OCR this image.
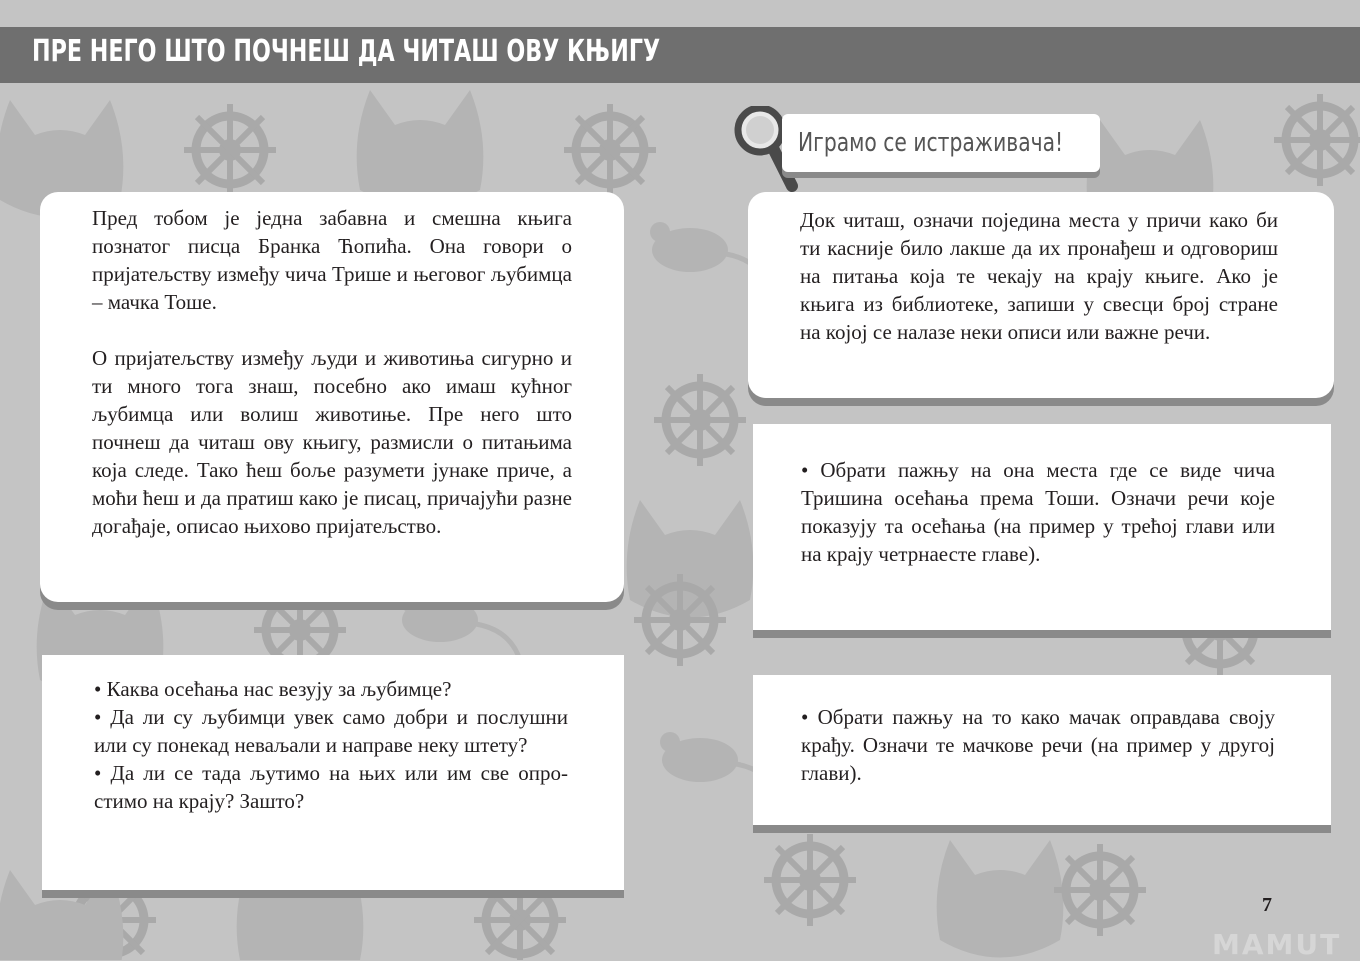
ПРЕ НЕГО ШТО ПОЧНЕШ ДА ЧИТАШ ОВУ КЊИГУ

Пред тобом је једна забавна и смешна књига познатог писца Бранка Ћопића. Она говори о пријатељству између чича Трише и његовог љубимца – мачка Тоше.

О пријатељству између људи и животиња сигурно и ти много тога знаш, посебно ако имаш кућног љубимца или волиш животиње. Пре него што почнеш да читаш ову књигу, размисли о питањима која следе. Тако ћеш боље разумети јунаке приче, а моћи ћеш и да пратиш како је писац, причајући разне догађаје, описао њихово пријатељство.

• Каква осећања нас везују за љубимце?

• Да ли су љубимци увек само добри и послушни или су понекад неваљали и направе неку штету?

• Да ли се тада љутимо на њих или им све опростимо на крају? Зашто?

Играмо се истраживача!

Док читаш, означи поједина места у причи како би ти касније било лакше да их пронађеш и одговориш на питања која те чекају на крају књиге. Ако је књига из библиотеке, запиши у свесци број стране на којој се налазе неки описи или важне речи.

• Обрати пажњу на она места где се виде чича Тришина осећања према Тоши. Означи речи које показују та осећања (на пример у трећој глави или на крају четрнаесте главе).

• Обрати пажњу на то како мачак оправдава своју крађу. Означи те мачкове речи (на пример у другој глави).

7
MAMUT
